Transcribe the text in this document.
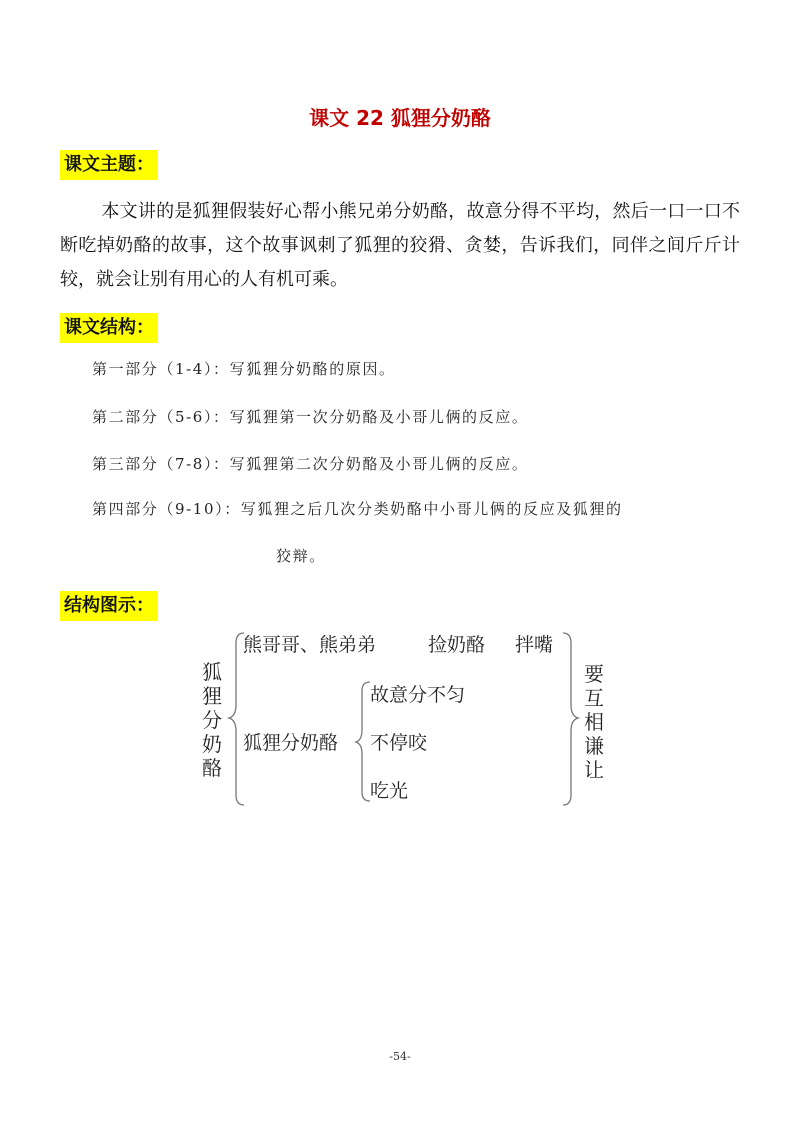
课文 22 狐狸分奶酪
课文主题：

本文讲的是狐狸假装好心帮小熊兄弟分奶酪，故意分得不平均，然后一口一口不断吃掉奶酪的故事，这个故事讽刺了狐狸的狡猾、贪婪，告诉我们，同伴之间斤斤计较，就会让别有用心的人有机可乘。

课文结构：
第一部分（1-4）：写狐狸分奶酪的原因。
第二部分（5-6）：写狐狸第一次分奶酪及小哥儿俩的反应。
第三部分（7-8）：写狐狸第二次分奶酪及小哥儿俩的反应。
第四部分（9-10）：写狐狸之后几次分类奶酪中小哥儿俩的反应及狐狸的
狡辩。
结构图示：
狐狸分奶酪
熊哥哥、熊弟弟	捡奶酪 拌嘴
狐狸分奶酪
故意分不匀
不停咬
吃光
要互相谦让
-54-
